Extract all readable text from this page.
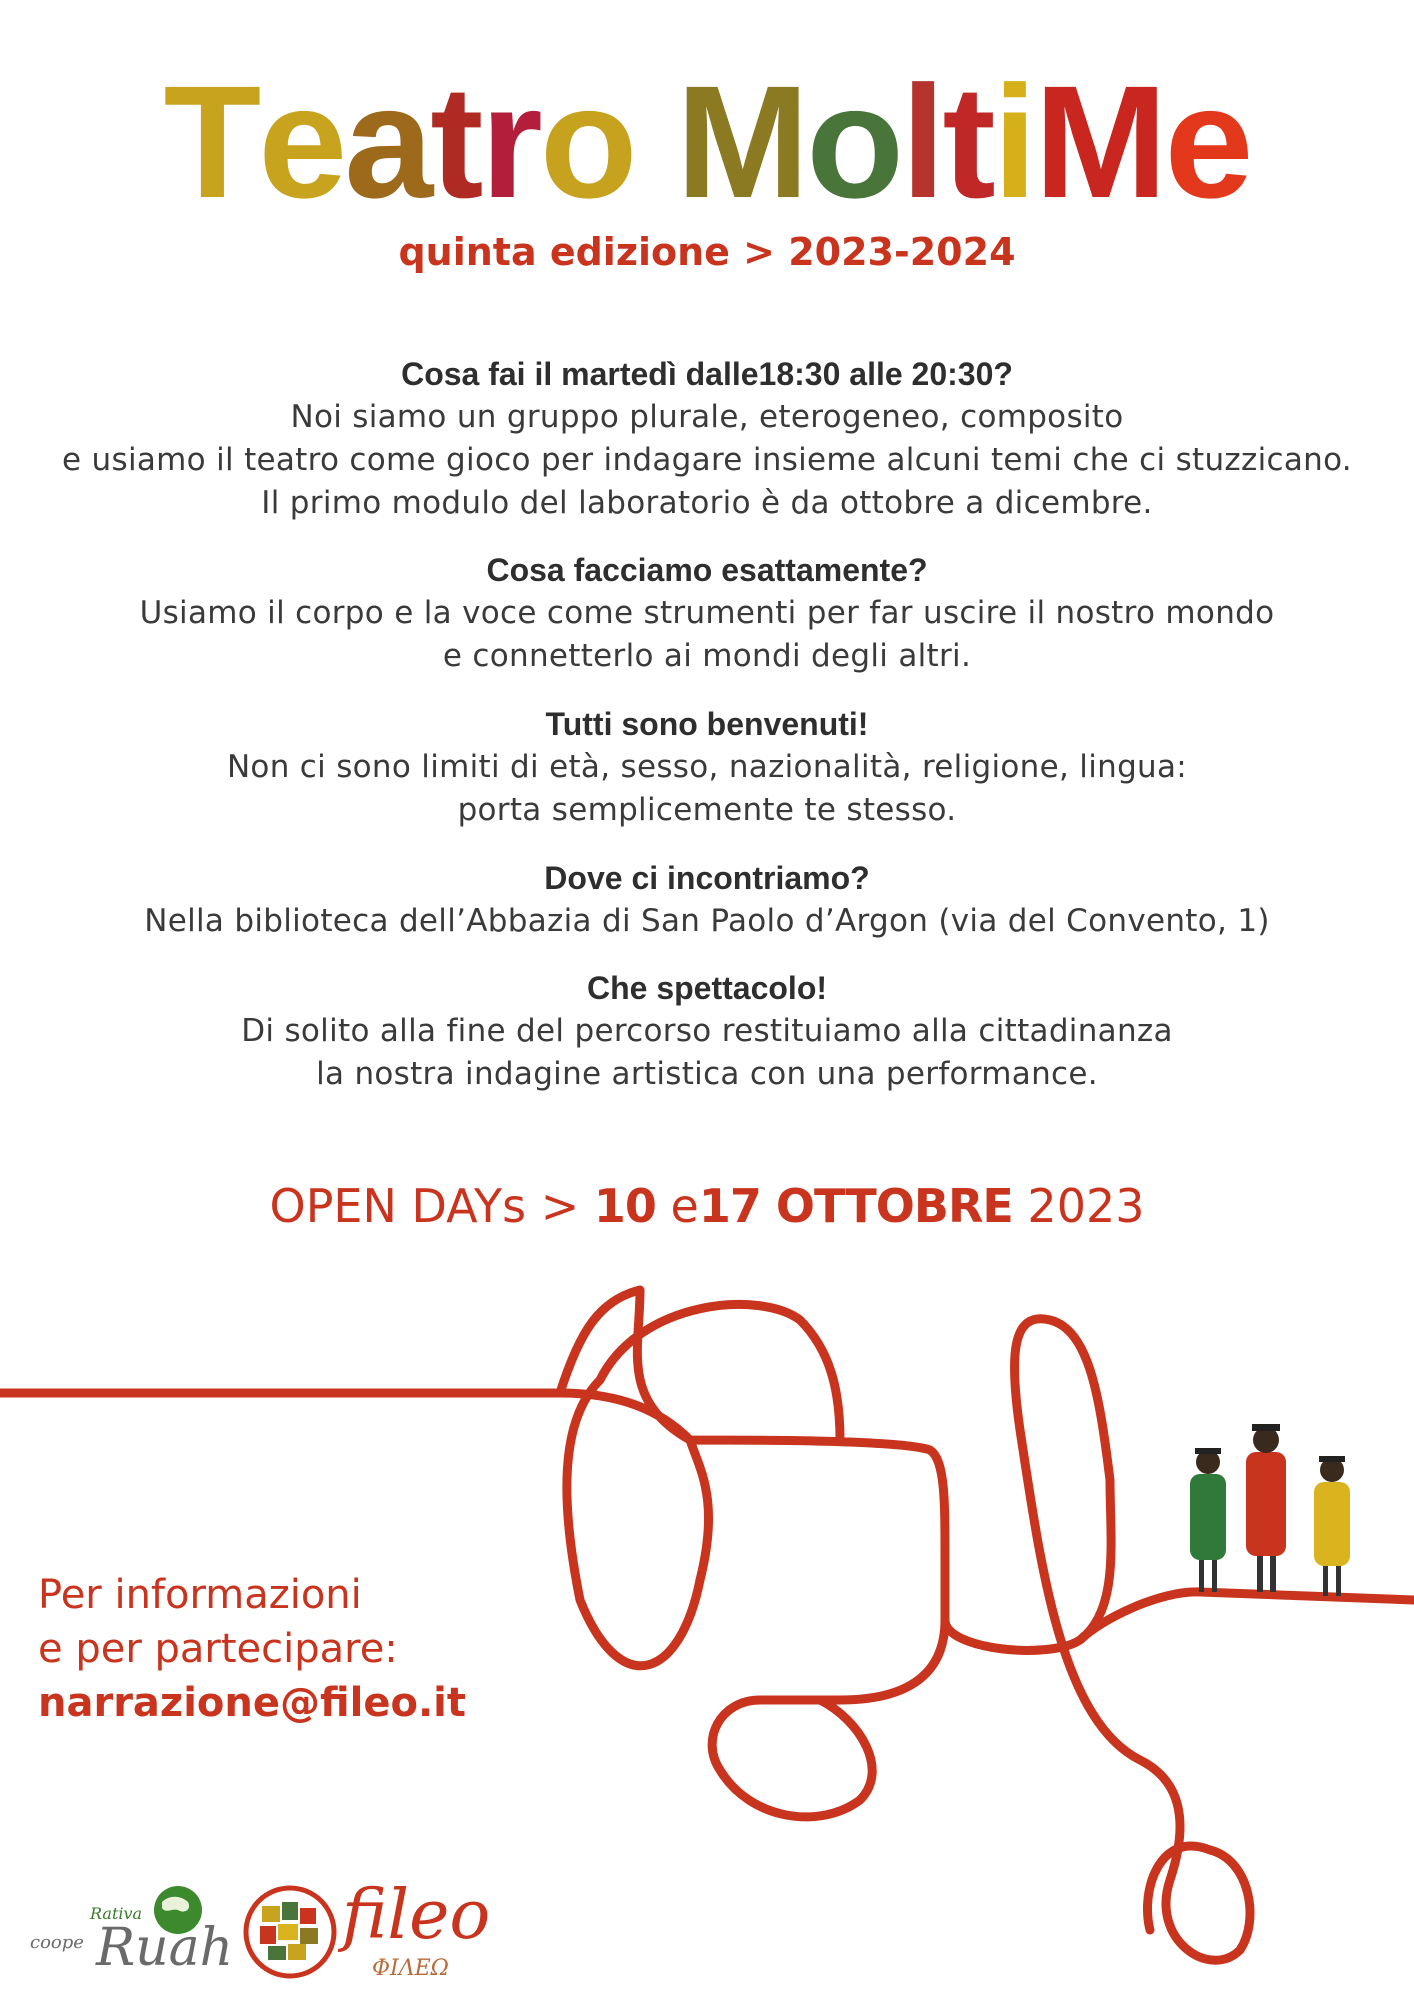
Teatro MoltiMe
quinta edizione > 2023-2024
Cosa fai il martedì dalle18:30 alle 20:30?

Noi siamo un gruppo plurale, eterogeneo, composito

e usiamo il teatro come gioco per indagare insieme alcuni temi che ci stuzzicano.

Il primo modulo del laboratorio è da ottobre a dicembre.

Cosa facciamo esattamente?

Usiamo il corpo e la voce come strumenti per far uscire il nostro mondo

e connetterlo ai mondi degli altri.

Tutti sono benvenuti!

Non ci sono limiti di età, sesso, nazionalità, religione, lingua:

porta semplicemente te stesso.

Dove ci incontriamo?

Nella biblioteca dell’Abbazia di San Paolo d’Argon (via del Convento, 1)

Che spettacolo!

Di solito alla fine del percorso restituiamo alla cittadinanza

la nostra indagine artistica con una performance.

OPEN DAYs > 10 e17 OTTOBRE 2023
Per informazioni
e per partecipare:
narrazione@fileo.it
coope
Rativa
Ruah fileo
ΦΙΛΕΩ
